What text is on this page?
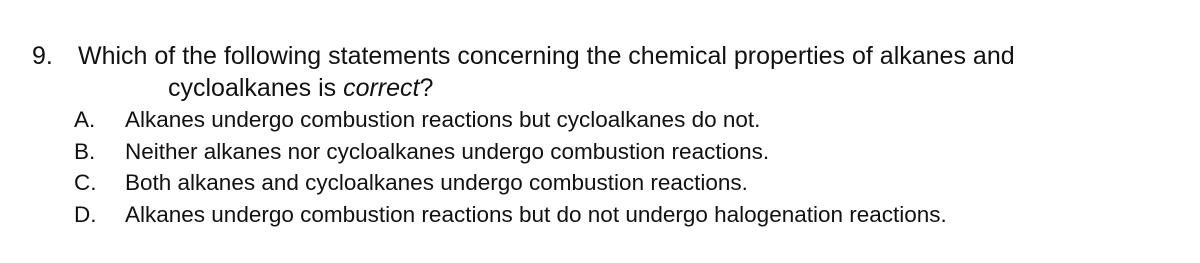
9. Which of the following statements concerning the chemical properties of alkanes and
cycloalkanes is correct?
A. Alkanes undergo combustion reactions but cycloalkanes do not.
B. Neither alkanes nor cycloalkanes undergo combustion reactions.
C. Both alkanes and cycloalkanes undergo combustion reactions.
D. Alkanes undergo combustion reactions but do not undergo halogenation reactions.
